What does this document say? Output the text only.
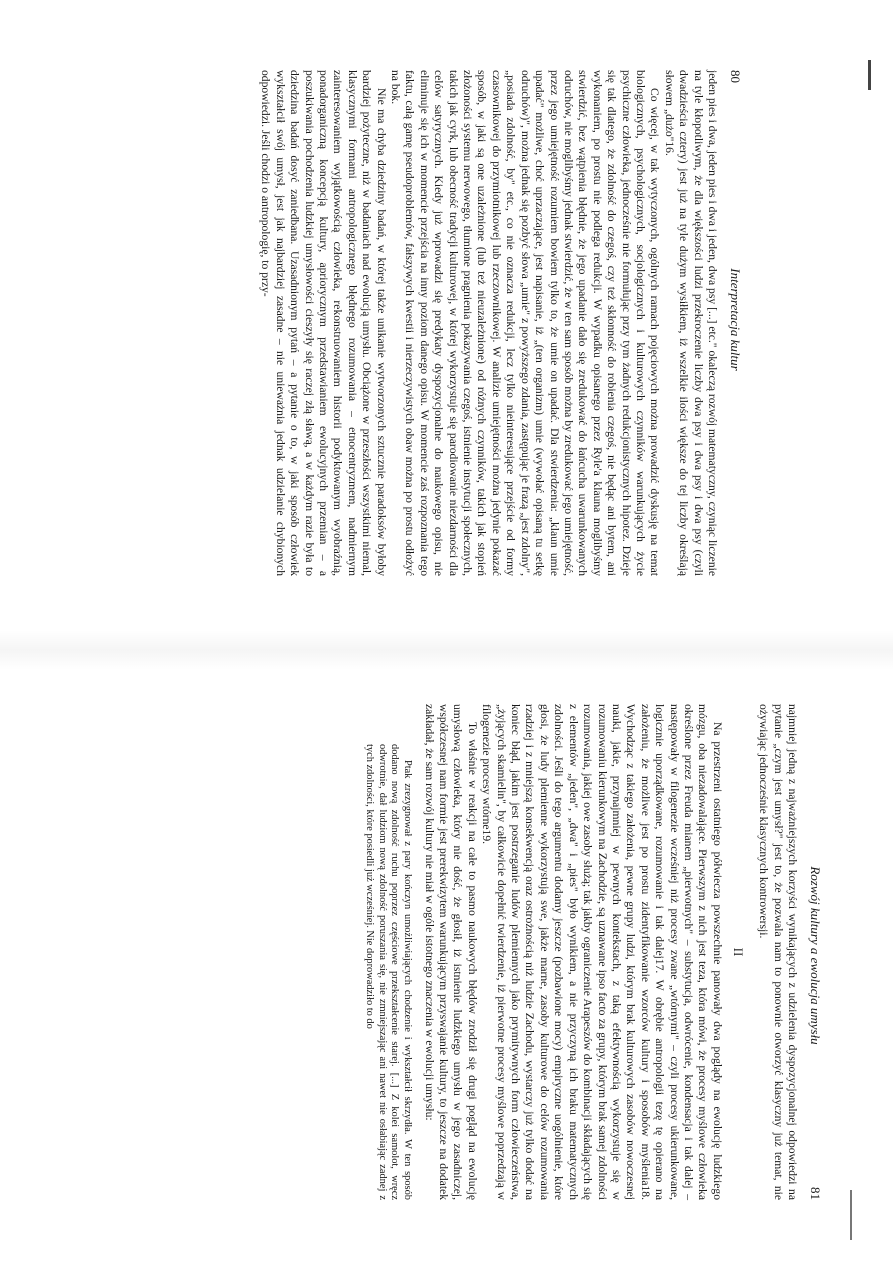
80
Interpretacja kultur

jeden pies i dwa, jeden pies i dwa i jeden, dwa psy [...] etc." okaleczą rozwój matematyczny, czyniąc liczenie na tyle kłopotliwym, że dla większości ludzi przekroczenie liczby dwa psy i dwa psy i dwa psy (czyli dwadzieścia cztery) jest już na tyle dużym wysiłkiem, iż wszelkie ilości większe do tej liczby określają słowem „dużo"16.

Co więcej, w tak wytyczonych, ogólnych ramach pojęciowych można prowadzić dyskusję na temat biologicznych, psychologicznych, socjologicznych i kulturowych czynników warunkujących życie psychiczne człowieka, jednocześnie nie formułując przy tym żadnych redukcjonistycznych hipotez. Dzieje się tak dlatego, że zdolność do czegoś, czy też skłonność do robienia czegoś, nie będąc ani bytem, ani wykonaniem, po prostu nie podlega redukcji. W wypadku opisanego przez Ryle'a klauna moglibyśmy stwierdzić, bez wątpienia błędnie, że jego upadanie dało się zredukować do łańcucha uwarunkowanych odruchów, nie moglibyśmy jednak stwierdzić, że w ten sam sposób można by zredukować jego umiejętność, przez jego umiejętność rozumiem bowiem tylko to, że umie on upadać. Dla stwierdzenia: „klaun umie upadać" możliwe, choć uprzaczające, jest napisanie, iż „(ten organizm) umie (wywołać opisaną tu setkę odruchów)", można jednak się pozbyć słowa „umie" z powyższego zdania, zastępując je frazą „jest zdolny", „posiada zdolność, by" etc., co nie oznacza redukcji, lecz tylko nieinteresujące przejście od formy czasownikowej do przymiotnikowej lub rzeczownikowej. W analizie umiejętności można jedynie pokazać sposób, w jaki są one uzależnione (lub też nieuzależnione) od różnych czynników, takich jak stopień złożoności systemu nerwowego, tłumione pragnienia pokazywania czegoś, istnienie instytucji społecznych, takich jak cyrk, lub obecność tradycji kulturowej, w której wykorzystuje się parodiowanie niezdarności dla celów satyrycznych. Kiedy już wprowadzi się predykaty dyspozycjonalne do naukowego opisu, nie eliminuje się ich w momencie przejścia na inny poziom danego opisu. W momencie zaś rozpoznania tego faktu, całą gamę pseudoproblemów, fałszywych kwestii i nierzeczywistych obaw można po prostu odłożyć na bok.

Nie ma chyba dziedziny badań, w której także unikanie wytworzonych sztucznie paradoksów byłoby bardziej pożyteczne, niż w badaniach nad ewolucją umysłu. Obciążone w przeszłości wszystkimi niemal, klasycznymi formami antropologicznego błędnego rozumowania – etnocentryzmem, nadmiernym zainteresowaniem wyjątkowością człowieka, rekonstruowaniem historii podyktowanym wyobraźnią, ponadorganiczną koncepcją kultury, apriorycznym przedstawianiem ewolucyjnych przemian – a poszukiwania pochodzenia ludzkiej umysłowości cieszyły się raczej złą sławą, a w każdym razie była to dziedzina badań dosyć zaniedbana. Uzasadnionym pytań – a pytanie o to, w jaki sposób człowiek wykształcił swój umysł, jest jak najbardziej zasadne – nie unieważnia jednak udzielanie chybionych odpowiedzi. Jeśli chodzi o antropologię, to przy-

Rozwój kultury a ewolucja umysłu
81

najmniej jedną z najważniejszych korzyści wynikających z udzielenia dyspozycjonalnej odpowiedzi na pytanie „czym jest umysł?" jest to, że pozwala nam to ponownie otworzyć klasyczny już temat, nie ożywiając jednocześnie klasycznych kontrowersji.

II

Na przestrzeni ostatniego półwiecza powszechnie panowały dwa poglądy na ewolucję ludzkiego mózgu, oba niezadowalające. Pierwszym z nich jest teza, która mówi, że procesy myślowe człowieka określone przez Freuda mianem „pierwotnych" – substytucja, odwrócenie, kondensacja i tak dalej – następowały w filogenezie wcześniej niż procesy zwane „wtórnymi" – czyli procesy ukierunkowane, logicznie uporządkowane, rozumowanie i tak dalej17. W obrębie antropologii tezę tę opierano na założeniu, że możliwe jest po prostu zidentyfikowanie wzorców kultury i sposobów myślenia18. Wychodząc z takiego założenia, pewne grupy ludzi, którym brak kulturowych zasobów nowoczesnej nauki, jakie, przynajmniej w pewnych kontekstach, z taką efektywnością wykorzystuje się w rozumowaniu kierunkowym na Zachodzie, są uznawane ipso facto za grupy, którym brak samej zdolności rozumowania, jakiej owe zasoby służą; tak jakby ograniczenie Arapeszów do kombinacji składających się z elementów „jeden", „dwa" i „pies" było wynikiem, a nie przyczyną ich braku matematycznych zdolności. Jeśli do tego argumentu dodamy jeszcze (pozbawione mocy) empiryczne uogólnienie, które głosi, że ludy plemienne wykorzystują swe, jakże marne, zasoby kulturowe do celów rozumowania rzadziej i z mniejszą konsekwencją oraz ostrożnością niż ludzie Zachodu, wystarczy już tylko dodać na koniec błąd, jakim jest postrzeganie ludów plemiennych jako prymitywnych form człowieczeństwa, „żyjących skamielin", by całkowicie dopełnić twierdzenie, iż pierwotne procesy myślowe poprzedzają w filogenezie procesy wtórne19.

To właśnie w reakcji na całe to pasmo naukowych błędów zrodził się drugi pogląd na ewolucję umysłową człowieka, który nie dość, że głosił, iż istnienie ludzkiego umysłu w jego zasadniczej, współczesnej nam formie jest prerekwizytem warunkującym przyswajanie kultury, to jeszcze na dodatek zakładał, że sam rozwój kultury nie miał w ogóle istotnego znaczenia w ewolucji umysłu:

Ptak zrezygnował z pary kończyn umożliwiających chodzenie i wykształcił skrzydła. W ten sposób dodano nową zdolność ruchu poprzez częściowe przekształcenie starej. [...] Z kolei samolot, wręcz odwrotnie, dał ludziom nową zdolność poruszania się, nie zmniejszając ani nawet nie osłabiając zadnej z tych zdolności, które posiedli już wcześniej. Nie doprowadziło to do
